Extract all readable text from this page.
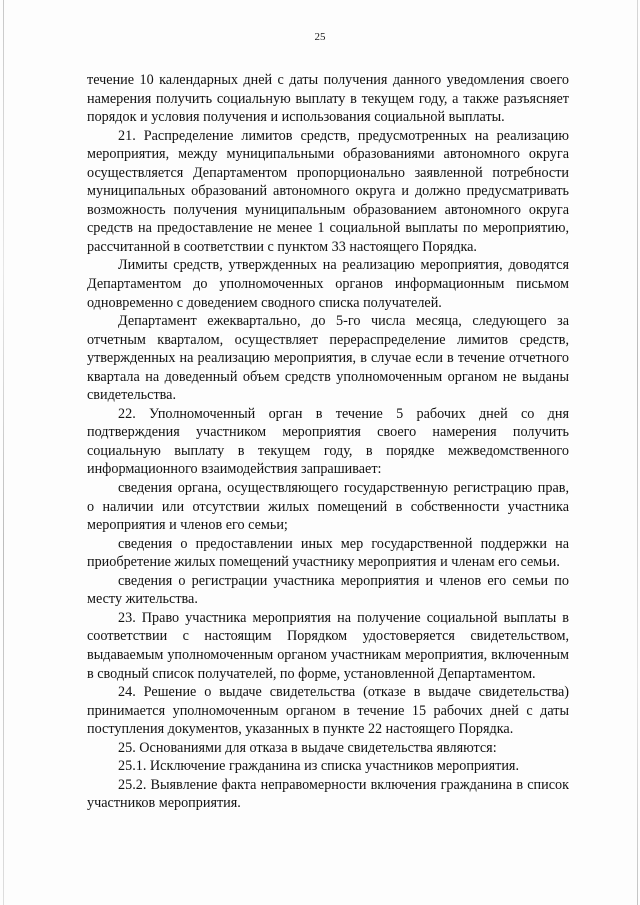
25

течение 10 календарных дней с даты получения данного уведомления своего намерения получить социальную выплату в текущем году, а также разъясняет порядок и условия получения и использования социальной выплаты.

21. Распределение лимитов средств, предусмотренных на реализацию мероприятия, между муниципальными образованиями автономного округа осуществляется Департаментом пропорционально заявленной потребности муниципальных образований автономного округа и должно предусматривать возможность получения муниципальным образованием автономного округа средств на предоставление не менее 1 социальной выплаты по мероприятию, рассчитанной в соответствии с пунктом 33 настоящего Порядка.

Лимиты средств, утвержденных на реализацию мероприятия, доводятся Департаментом до уполномоченных органов информационным письмом одновременно с доведением сводного списка получателей.

Департамент ежеквартально, до 5-го числа месяца, следующего за отчетным кварталом, осуществляет перераспределение лимитов средств, утвержденных на реализацию мероприятия, в случае если в течение отчетного квартала на доведенный объем средств уполномоченным органом не выданы свидетельства.

22. Уполномоченный орган в течение 5 рабочих дней со дня подтверждения участником мероприятия своего намерения получить социальную выплату в текущем году, в порядке межведомственного информационного взаимодействия запрашивает:

сведения органа, осуществляющего государственную регистрацию прав, о наличии или отсутствии жилых помещений в собственности участника мероприятия и членов его семьи;

сведения о предоставлении иных мер государственной поддержки на приобретение жилых помещений участнику мероприятия и членам его семьи.

сведения о регистрации участника мероприятия и членов его семьи по месту жительства.

23. Право участника мероприятия на получение социальной выплаты в соответствии с настоящим Порядком удостоверяется свидетельством, выдаваемым уполномоченным органом участникам мероприятия, включенным в сводный список получателей, по форме, установленной Департаментом.

24. Решение о выдаче свидетельства (отказе в выдаче свидетельства) принимается уполномоченным органом в течение 15 рабочих дней с даты поступления документов, указанных в пункте 22 настоящего Порядка.

25. Основаниями для отказа в выдаче свидетельства являются:

25.1. Исключение гражданина из списка участников мероприятия.

25.2. Выявление факта неправомерности включения гражданина в список участников мероприятия.
